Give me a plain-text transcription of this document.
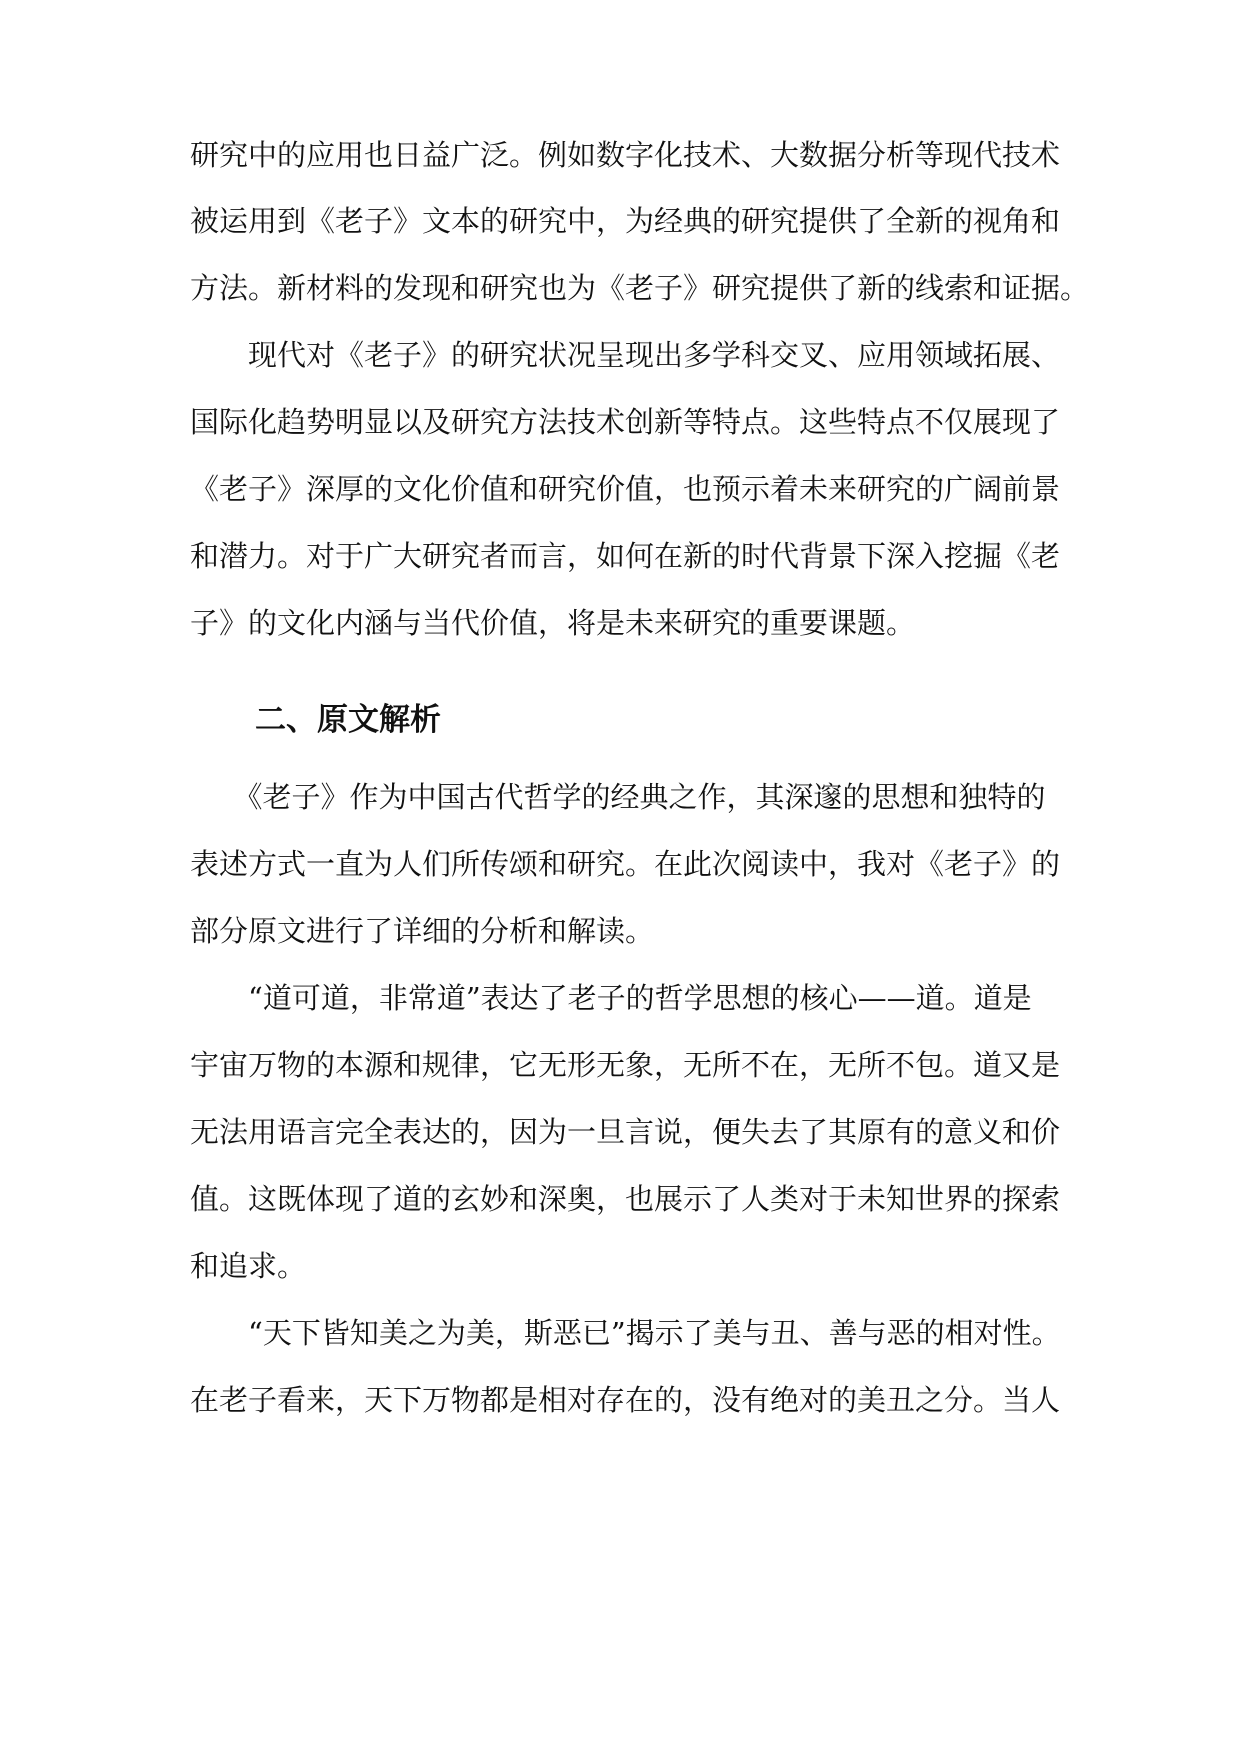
研究中的应用也日益广泛。例如数字化技术、大数据分析等现代技术
被运用到《老子》文本的研究中，为经典的研究提供了全新的视角和
方法。新材料的发现和研究也为《老子》研究提供了新的线索和证据。
　　现代对《老子》的研究状况呈现出多学科交叉、应用领域拓展、
国际化趋势明显以及研究方法技术创新等特点。这些特点不仅展现了
《老子》深厚的文化价值和研究价值，也预示着未来研究的广阔前景
和潜力。对于广大研究者而言，如何在新的时代背景下深入挖掘《老
子》的文化内涵与当代价值，将是未来研究的重要课题。
二、原文解析
　　《老子》作为中国古代哲学的经典之作，其深邃的思想和独特的
表述方式一直为人们所传颂和研究。在此次阅读中，我对《老子》的
部分原文进行了详细的分析和解读。
　　“道可道，非常道”表达了老子的哲学思想的核心——道。道是
宇宙万物的本源和规律，它无形无象，无所不在，无所不包。道又是
无法用语言完全表达的，因为一旦言说，便失去了其原有的意义和价
值。这既体现了道的玄妙和深奥，也展示了人类对于未知世界的探索
和追求。
　　“天下皆知美之为美，斯恶已”揭示了美与丑、善与恶的相对性。
在老子看来，天下万物都是相对存在的，没有绝对的美丑之分。当人
